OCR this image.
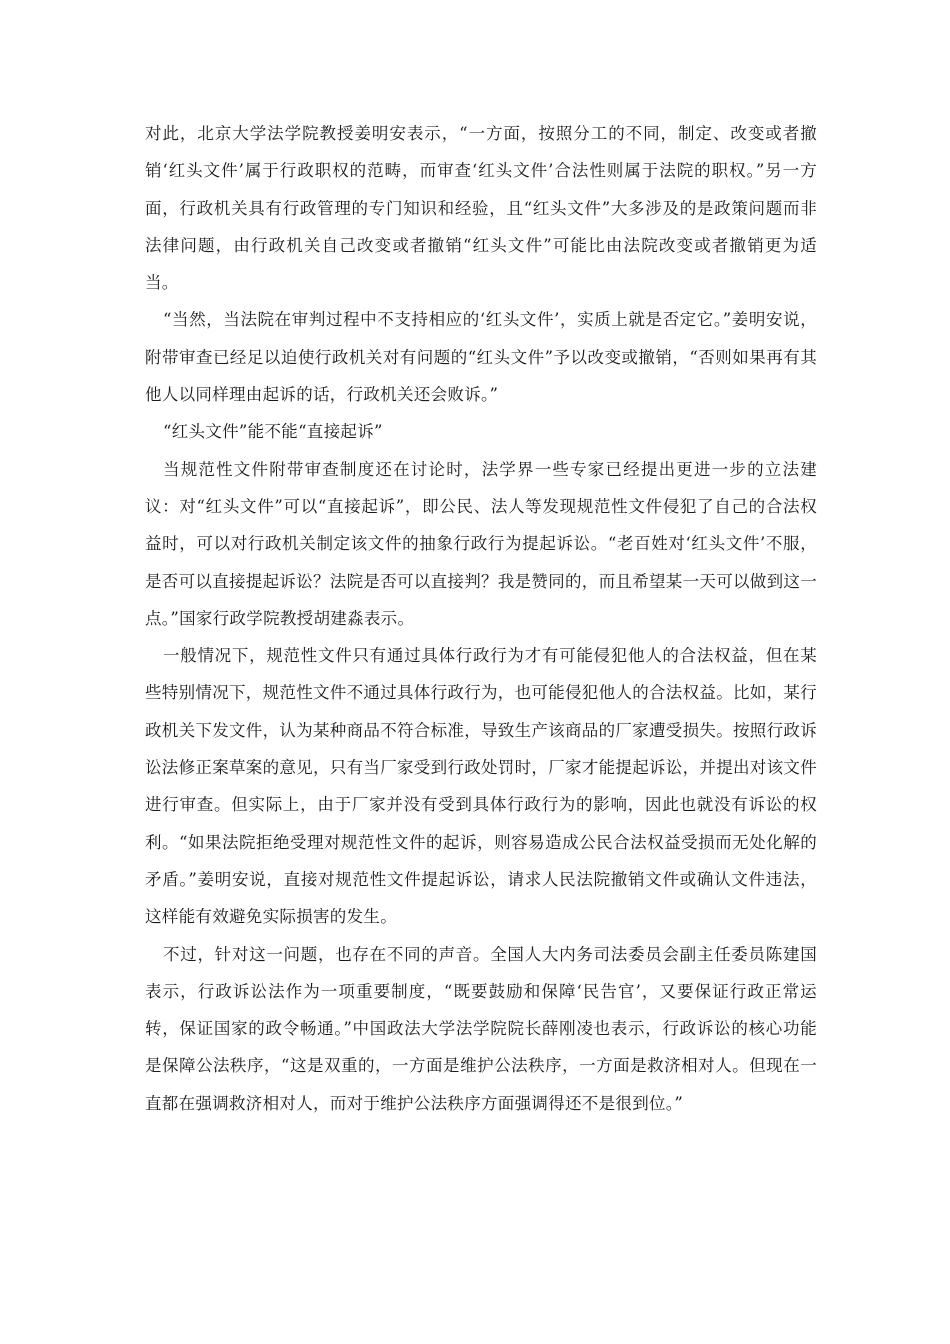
对此，北京大学法学院教授姜明安表示，“一方面，按照分工的不同，制定、改变或者撤销‘红头文件’属于行政职权的范畴，而审查‘红头文件’合法性则属于法院的职权。”另一方面，行政机关具有行政管理的专门知识和经验，且“红头文件”大多涉及的是政策问题而非法律问题，由行政机关自己改变或者撤销“红头文件”可能比由法院改变或者撤销更为适当。

“当然，当法院在审判过程中不支持相应的‘红头文件’，实质上就是否定它。”姜明安说，附带审查已经足以迫使行政机关对有问题的“红头文件”予以改变或撤销，“否则如果再有其他人以同样理由起诉的话，行政机关还会败诉。”

“红头文件”能不能“直接起诉”

当规范性文件附带审查制度还在讨论时，法学界一些专家已经提出更进一步的立法建议：对“红头文件”可以“直接起诉”，即公民、法人等发现规范性文件侵犯了自己的合法权益时，可以对行政机关制定该文件的抽象行政行为提起诉讼。“老百姓对‘红头文件’不服，是否可以直接提起诉讼？法院是否可以直接判？我是赞同的，而且希望某一天可以做到这一点。”国家行政学院教授胡建淼表示。

一般情况下，规范性文件只有通过具体行政行为才有可能侵犯他人的合法权益，但在某些特别情况下，规范性文件不通过具体行政行为，也可能侵犯他人的合法权益。比如，某行政机关下发文件，认为某种商品不符合标准，导致生产该商品的厂家遭受损失。按照行政诉讼法修正案草案的意见，只有当厂家受到行政处罚时，厂家才能提起诉讼，并提出对该文件进行审查。但实际上，由于厂家并没有受到具体行政行为的影响，因此也就没有诉讼的权利。“如果法院拒绝受理对规范性文件的起诉，则容易造成公民合法权益受损而无处化解的矛盾。”姜明安说，直接对规范性文件提起诉讼，请求人民法院撤销文件或确认文件违法，这样能有效避免实际损害的发生。

不过，针对这一问题，也存在不同的声音。全国人大内务司法委员会副主任委员陈建国表示，行政诉讼法作为一项重要制度，“既要鼓励和保障‘民告官’，又要保证行政正常运转，保证国家的政令畅通。”中国政法大学法学院院长薛刚凌也表示，行政诉讼的核心功能是保障公法秩序，“这是双重的，一方面是维护公法秩序，一方面是救济相对人。但现在一直都在强调救济相对人，而对于维护公法秩序方面强调得还不是很到位。”
